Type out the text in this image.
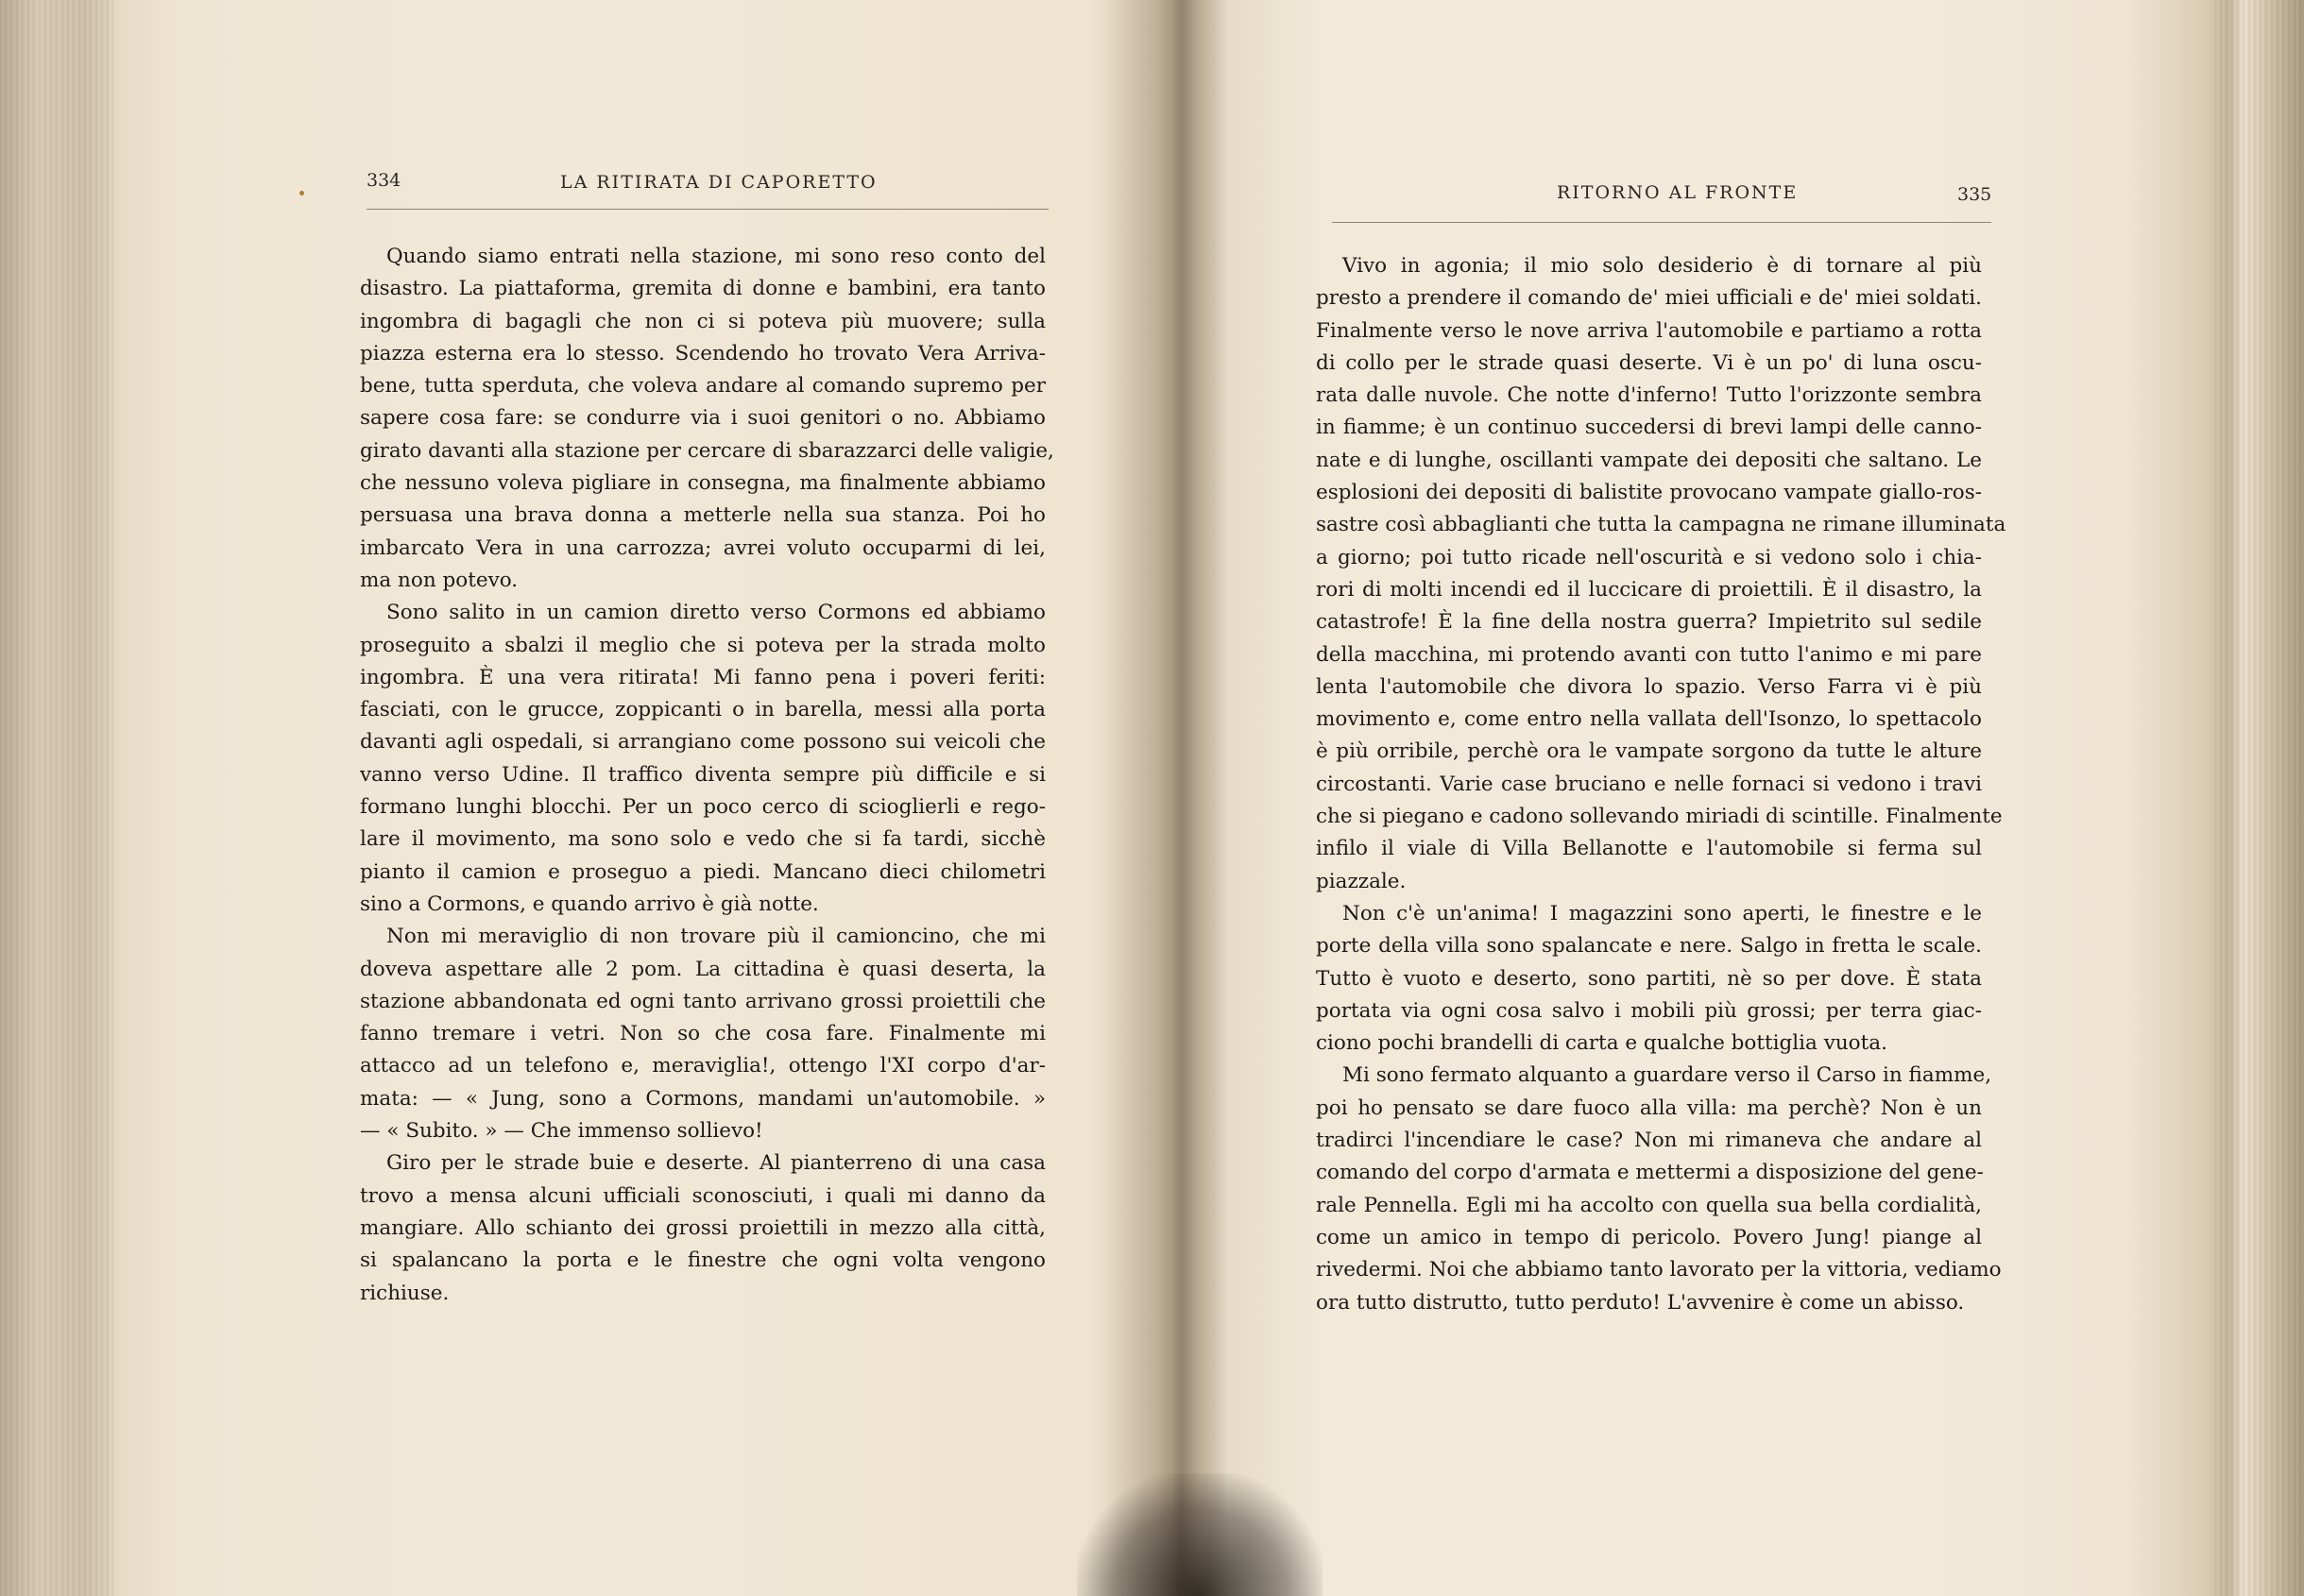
334	LA RITIRATA DI CAPORETTO
Quando siamo entrati nella stazione, mi sono reso conto del
disastro. La piattaforma, gremita di donne e bambini, era tanto
ingombra di bagagli che non ci si poteva più muovere; sulla
piazza esterna era lo stesso. Scendendo ho trovato Vera Arriva-
bene, tutta sperduta, che voleva andare al comando supremo per
sapere cosa fare: se condurre via i suoi genitori o no. Abbiamo
girato davanti alla stazione per cercare di sbarazzarci delle valigie,
che nessuno voleva pigliare in consegna, ma finalmente abbiamo
persuasa una brava donna a metterle nella sua stanza. Poi ho
imbarcato Vera in una carrozza; avrei voluto occuparmi di lei,
ma non potevo.
Sono salito in un camion diretto verso Cormons ed abbiamo
proseguito a sbalzi il meglio che si poteva per la strada molto
ingombra. È una vera ritirata! Mi fanno pena i poveri feriti:
fasciati, con le grucce, zoppicanti o in barella, messi alla porta
davanti agli ospedali, si arrangiano come possono sui veicoli che
vanno verso Udine. Il traffico diventa sempre più difficile e si
formano lunghi blocchi. Per un poco cerco di scioglierli e rego-
lare il movimento, ma sono solo e vedo che si fa tardi, sicchè
pianto il camion e proseguo a piedi. Mancano dieci chilometri
sino a Cormons, e quando arrivo è già notte.
Non mi meraviglio di non trovare più il camioncino, che mi
doveva aspettare alle 2 pom. La cittadina è quasi deserta, la
stazione abbandonata ed ogni tanto arrivano grossi proiettili che
fanno tremare i vetri. Non so che cosa fare. Finalmente mi
attacco ad un telefono e, meraviglia!, ottengo l'XI corpo d'ar-
mata: — « Jung, sono a Cormons, mandami un'automobile. »
— « Subito. » — Che immenso sollievo!
Giro per le strade buie e deserte. Al pianterreno di una casa
trovo a mensa alcuni ufficiali sconosciuti, i quali mi danno da
mangiare. Allo schianto dei grossi proiettili in mezzo alla città,
si spalancano la porta e le finestre che ogni volta vengono
richiuse.
RITORNO AL FRONTE	335
Vivo in agonia; il mio solo desiderio è di tornare al più
presto a prendere il comando de' miei ufficiali e de' miei soldati.
Finalmente verso le nove arriva l'automobile e partiamo a rotta
di collo per le strade quasi deserte. Vi è un po' di luna oscu-
rata dalle nuvole. Che notte d'inferno! Tutto l'orizzonte sembra
in fiamme; è un continuo succedersi di brevi lampi delle canno-
nate e di lunghe, oscillanti vampate dei depositi che saltano. Le
esplosioni dei depositi di balistite provocano vampate giallo-ros-
sastre così abbaglianti che tutta la campagna ne rimane illuminata
a giorno; poi tutto ricade nell'oscurità e si vedono solo i chia-
rori di molti incendi ed il luccicare di proiettili. È il disastro, la
catastrofe! È la fine della nostra guerra? Impietrito sul sedile
della macchina, mi protendo avanti con tutto l'animo e mi pare
lenta l'automobile che divora lo spazio. Verso Farra vi è più
movimento e, come entro nella vallata dell'Isonzo, lo spettacolo
è più orribile, perchè ora le vampate sorgono da tutte le alture
circostanti. Varie case bruciano e nelle fornaci si vedono i travi
che si piegano e cadono sollevando miriadi di scintille. Finalmente
infilo il viale di Villa Bellanotte e l'automobile si ferma sul
piazzale.
Non c'è un'anima! I magazzini sono aperti, le finestre e le
porte della villa sono spalancate e nere. Salgo in fretta le scale.
Tutto è vuoto e deserto, sono partiti, nè so per dove. È stata
portata via ogni cosa salvo i mobili più grossi; per terra giac-
ciono pochi brandelli di carta e qualche bottiglia vuota.
Mi sono fermato alquanto a guardare verso il Carso in fiamme,
poi ho pensato se dare fuoco alla villa: ma perchè? Non è un
tradirci l'incendiare le case? Non mi rimaneva che andare al
comando del corpo d'armata e mettermi a disposizione del gene-
rale Pennella. Egli mi ha accolto con quella sua bella cordialità,
come un amico in tempo di pericolo. Povero Jung! piange al
rivedermi. Noi che abbiamo tanto lavorato per la vittoria, vediamo
ora tutto distrutto, tutto perduto! L'avvenire è come un abisso.
